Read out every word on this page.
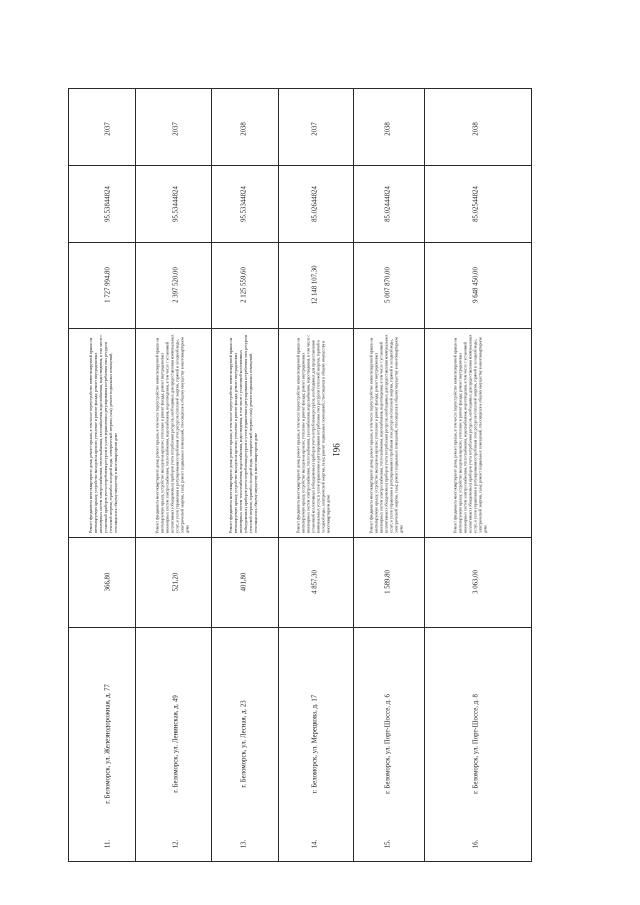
961
2037
95.53844824
1 727 994,80
Ремонт фундамента многоквартирного дома; ремонт крыши, в том числе переустройство невентилируемой крыши на вентилируемую крышу, устройство выходов на кровлю; утепление и ремонт фасада; ремонт внутридомовых инженерных систем электроснабжения, теплоснабжения, газоснабжения, водоснабжения, водоотведения, в том числе с установкой приборов учета потребления ресурсов и узлов управления и регулирования потребления этих ресурсов (тепловой энергии, горячей и холодной воды, электрической энергии, газа); ремонт подвальных помещений, относящихся к общему имуществу в многоквартирном доме
366,80
г. Беломорск, ул. Железнодорожная, д. 77
11.
2037
95.53444824
2 397 520,00
Ремонт фундамента многоквартирного дома; ремонт крыши, в том числе переустройство невентилируемой крыши на вентилируемую крышу, устройство выходов на кровлю; утепление и ремонт фасада; ремонт внутридомовых инженерных систем электроснабжения, теплоснабжения, водоснабжения, водоотведения, в том числе с установкой коллективных (общедомовых) приборов учета потребления ресурсов, необходимых для предоставления коммунальных услуг, и узлов управления и регулирования потребления этих ресурсов (тепловой энергии, горячей и холодной воды, электрической энергии, газа); ремонт подвальных помещений, относящихся к общему имуществу в многоквартирном доме
521,20
г. Беломорск, ул. Ленинская, д. 49
12.
2038
95.53344824
2 125 559,60
Ремонт фундамента многоквартирного дома; ремонт крыши, в том числе переустройство невентилируемой крыши на вентилируемую крышу, устройство выходов на кровлю; утепление и ремонт фасада; ремонт внутридомовых инженерных систем теплоснабжения, водоснабжения, водоотведения, в том числе с установкой коллективных (общедомовых) приборов учета потребления ресурсов и узлов управления и регулирования потребления этих ресурсов (тепловой энергии, горячей и холодной воды, электрической энергии, газа); ремонт подвальных помещений, относящихся к общему имуществу в многоквартирном доме
401,80
г. Беломорск, ул. Лесная, д. 23
13.
2037
85.02644824
12 148 107,30
Ремонт фундамента многоквартирного дома; ремонт крыши, в том числе переустройство невентилируемой крыши на вентилируемую крышу, устройство выходов на кровлю; утепление и ремонт фасада; ремонт внутридомовых инженерных систем электроснабжения, теплоснабжения, газоснабжения, водоснабжения, водоотведения, в том числе с установкой коллективных (общедомовых) приборов учета потребления ресурсов, необходимых для предоставления коммунальных услуг, и узлов управления и регулирования потребления этих ресурсов (тепловой энергии, горячей и холодной воды, электрической энергии, газа); ремонт подвальных помещений, относящихся к общему имуществу в многоквартирном доме
4 857,30
г. Беломорск, ул. Мерецкова, д. 17
14.
2038
85.02444824
5 007 870,00
Ремонт фундамента многоквартирного дома; ремонт крыши, в том числе переустройство невентилируемой крыши на вентилируемую крышу, устройство выходов на кровлю; утепление и ремонт фасада; ремонт внутридомовых инженерных систем электроснабжения, теплоснабжения, водоснабжения, водоотведения, в том числе с установкой коллективных (общедомовых) приборов учета потребления ресурсов, необходимых для предоставления коммунальных услуг, и узлов управления и регулирования потребления этих ресурсов (тепловой энергии, горячей и холодной воды, электрической энергии, газа); ремонт подвальных помещений, относящихся к общему имуществу в многоквартирном доме
1 589,80
г. Беломорск, ул. Порт-Шоссе, д. 6
15.
2038
85.02544824
9 648 450,00
Ремонт фундамента многоквартирного дома; ремонт крыши, в том числе переустройство невентилируемой крыши на вентилируемую крышу, устройство выходов на кровлю; утепление и ремонт фасада; ремонт внутридомовых инженерных систем электроснабжения, теплоснабжения, водоснабжения, водоотведения, в том числе с установкой коллективных (общедомовых) приборов учета потребления ресурсов, необходимых для предоставления коммунальных услуг, и узлов управления и регулирования потребления этих ресурсов (тепловой энергии, горячей и холодной воды, электрической энергии, газа); ремонт подвальных помещений, относящихся к общему имуществу в многоквартирном доме
3 063,00
г. Беломорск, ул. Порт-Шоссе, д. 8
16.
